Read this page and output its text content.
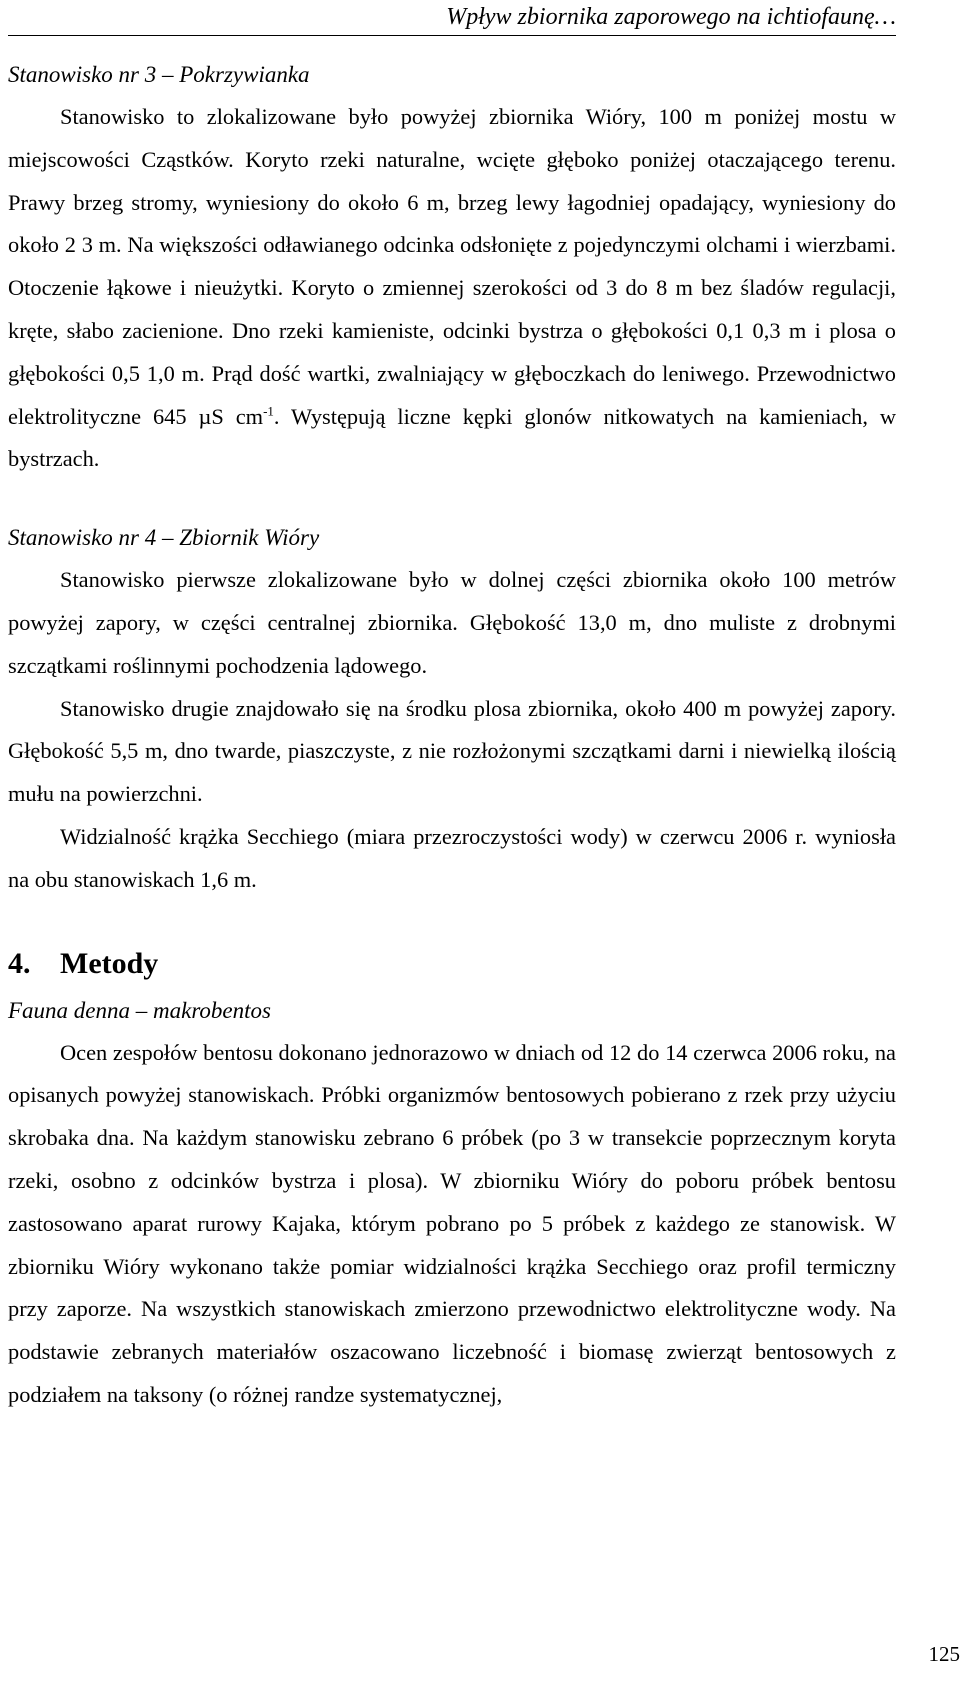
Wpływ zbiornika zaporowego na ichtiofaunę…

Stanowisko nr 3 – Pokrzywianka

Stanowisko to zlokalizowane było powyżej zbiornika Wióry, 100 m poniżej mostu w miejscowości Cząstków. Koryto rzeki naturalne, wcięte głęboko poniżej otaczającego terenu. Prawy brzeg stromy, wyniesiony do około 6 m, brzeg lewy łagodniej opadający, wyniesiony do około 2 3 m. Na większości odławianego odcinka odsłonięte z pojedynczymi olchami i wierzbami. Otoczenie łąkowe i nieużytki. Koryto o zmiennej szerokości od 3 do 8 m bez śladów regulacji, kręte, słabo zacienione. Dno rzeki kamieniste, odcinki bystrza o głębokości 0,1 0,3 m i plosa o głębokości 0,5 1,0 m. Prąd dość wartki, zwalniający w głęboczkach do leniwego. Przewodnictwo elektrolityczne 645 µS $cm^{-1}$. Występują liczne kępki glonów nitkowatych na kamieniach, w bystrzach.

Stanowisko nr 4 – Zbiornik Wióry

Stanowisko pierwsze zlokalizowane było w dolnej części zbiornika około 100 metrów powyżej zapory, w części centralnej zbiornika. Głębokość 13,0 m, dno muliste z drobnymi szczątkami roślinnymi pochodzenia lądowego.

Stanowisko drugie znajdowało się na środku plosa zbiornika, około 400 m powyżej zapory. Głębokość 5,5 m, dno twarde, piaszczyste, z nie rozłożonymi szczątkami darni i niewielką ilością mułu na powierzchni.

Widzialność krążka Secchiego (miara przezroczystości wody) w czerwcu 2006 r. wyniosła na obu stanowiskach 1,6 m.

4. Metody

Fauna denna – makrobentos

Ocen zespołów bentosu dokonano jednorazowo w dniach od 12 do 14 czerwca 2006 roku, na opisanych powyżej stanowiskach. Próbki organizmów bentosowych pobierano z rzek przy użyciu skrobaka dna. Na każdym stanowisku zebrano 6 próbek (po 3 w transekcie poprzecznym koryta rzeki, osobno z odcinków bystrza i plosa). W zbiorniku Wióry do poboru próbek bentosu zastosowano aparat rurowy Kajaka, którym pobrano po 5 próbek z każdego ze stanowisk. W zbiorniku Wióry wykonano także pomiar widzialności krążka Secchiego oraz profil termiczny przy zaporze. Na wszystkich stanowiskach zmierzono przewodnictwo elektrolityczne wody. Na podstawie zebranych materiałów oszacowano liczebność i biomasę zwierząt bentosowych z podziałem na taksony (o różnej randze systematycznej,

125
